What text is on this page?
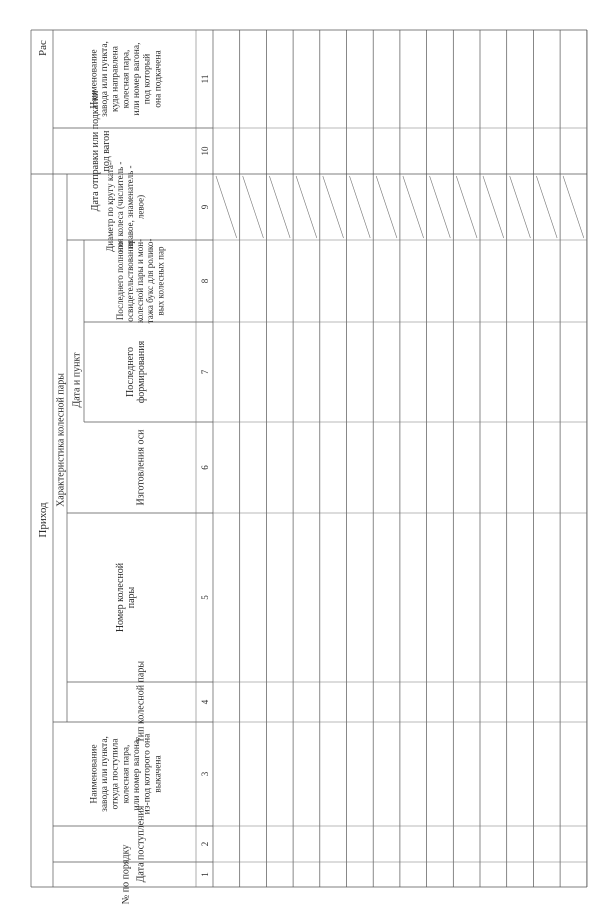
Приход
Рас
Характеристика колесной пары Дата и пункт
№ по порядку	1
Дата поступления	2
Наименованиезавода или пункта,откуда поступилаколесная пара,или номер вагона,из-под которого онавыкачена	3
Тип колесной пары	4
Номер колеснойпары	5
Изготовления оси	6
Последнегоформирования	7
Последнего полногоосвидетельствованияколесной пары и мон-тажа букс для ролико-вых колесных пар	8
Диаметр по кругу ката-ния колеса (числитель -правое, знаменатель -левое)	9
Дата отправки или подкаткипод вагон	10
Наименованиезавода или пункта,куда направленаколесная пара,или номер вагона,под которыйона подкачена	11
